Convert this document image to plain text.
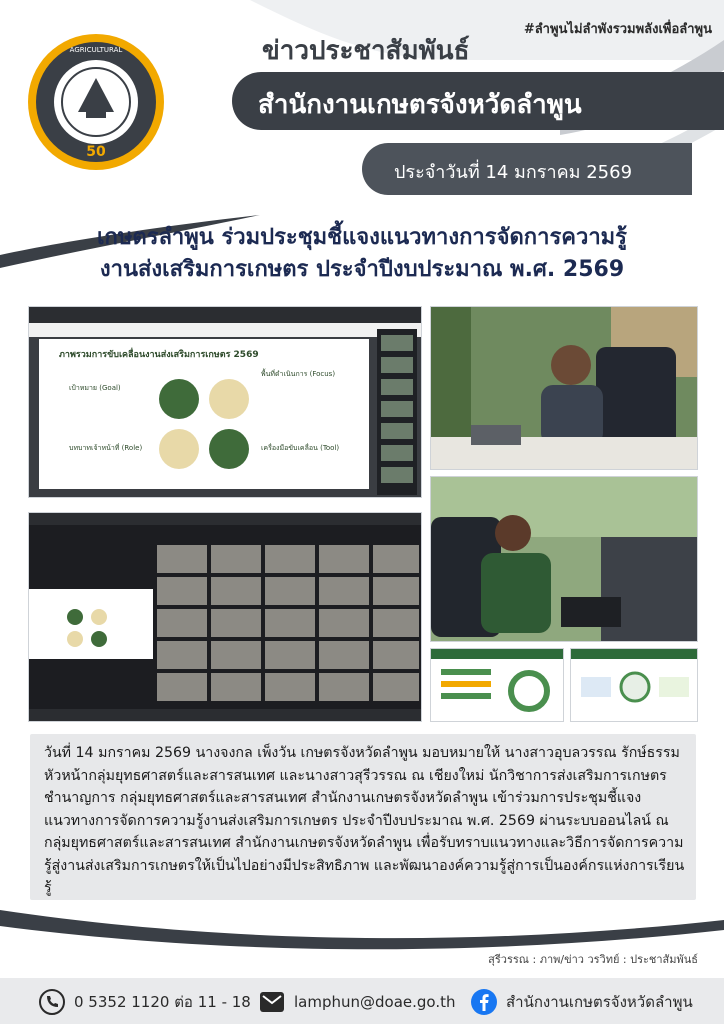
#ลำพูนไม่ลำพังรวมพลังเพื่อลำพูน
50
AGRICULTURAL	ข่าวประชาสัมพันธ์
สำนักงานเกษตรจังหวัดลำพูน
ประจำวันที่ 14 มกราคม 2569
เกษตรลำพูน ร่วมประชุมชี้แจงแนวทางการจัดการความรู้
งานส่งเสริมการเกษตร ประจำปีงบประมาณ พ.ศ. 2569
ภาพรวมการขับเคลื่อนงานส่งเสริมการเกษตร 2569
เป้าหมาย (Goal)
พื้นที่ดำเนินการ (Focus)
บทบาทเจ้าหน้าที่ (Role)	เครื่องมือขับเคลื่อน (Tool)
วันที่ 14 มกราคม 2569 นางจงกล เพ็งวัน เกษตรจังหวัดลำพูน มอบหมายให้ นางสาวอุบลวรรณ รักษ์ธรรม หัวหน้ากลุ่มยุทธศาสตร์และสารสนเทศ และนางสาวสุรีวรรณ ณ เชียงใหม่ นักวิชาการส่งเสริมการเกษตรชำนาญการ กลุ่มยุทธศาสตร์และสารสนเทศ สำนักงานเกษตรจังหวัดลำพูน เข้าร่วมการประชุมชี้แจงแนวทางการจัดการความรู้งานส่งเสริมการเกษตร ประจำปีงบประมาณ พ.ศ. 2569 ผ่านระบบออนไลน์ ณ กลุ่มยุทธศาสตร์และสารสนเทศ สำนักงานเกษตรจังหวัดลำพูน เพื่อรับทราบแนวทางและวิธีการจัดการความรู้สู่งานส่งเสริมการเกษตรให้เป็นไปอย่างมีประสิทธิภาพ และพัฒนาองค์ความรู้สู่การเป็นองค์กรแห่งการเรียนรู้
สุรีวรรณ : ภาพ/ข่าว วรวิทย์ : ประชาสัมพันธ์
0 5352 1120 ต่อ 11 - 18	lamphun@doae.go.th	สำนักงานเกษตรจังหวัดลำพูน
